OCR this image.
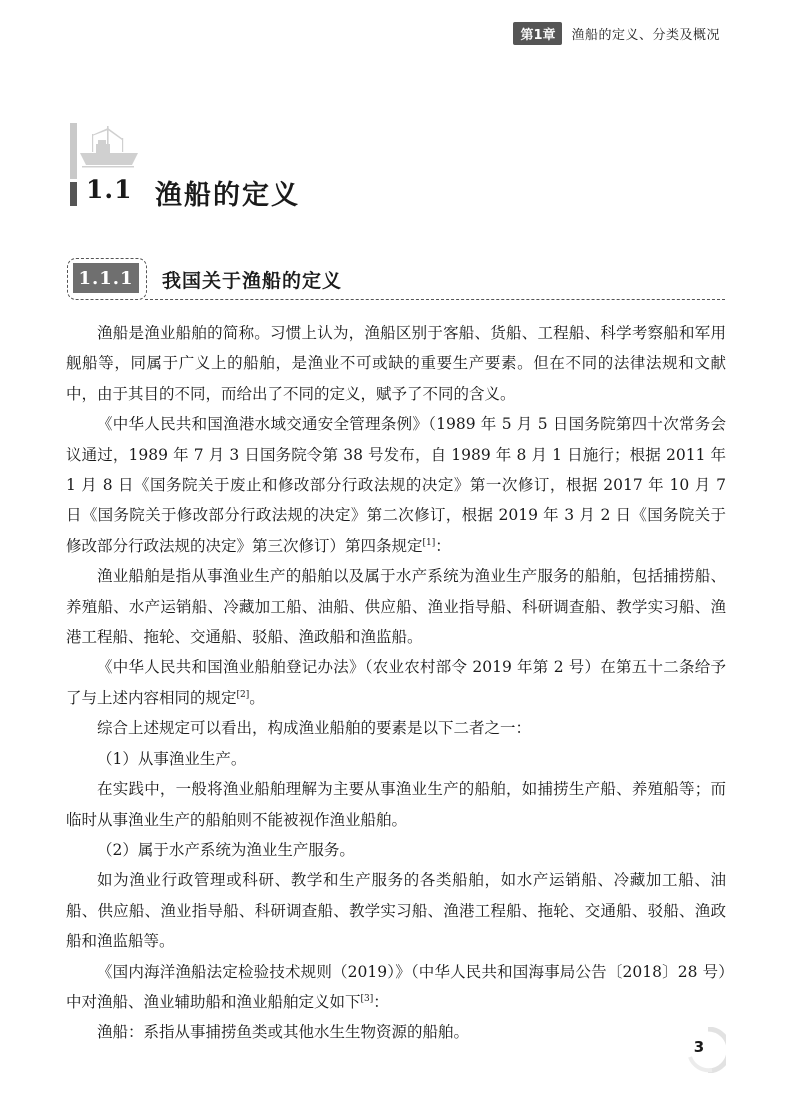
第1章	渔船的定义、分类及概况
1.1 渔船的定义
1.1.1 我国关于渔船的定义

渔船是渔业船舶的简称。习惯上认为，渔船区别于客船、货船、工程船、科学考察船和军用舰船等，同属于广义上的船舶，是渔业不可或缺的重要生产要素。但在不同的法律法规和文献中，由于其目的不同，而给出了不同的定义，赋予了不同的含义。

《中华人民共和国渔港水域交通安全管理条例》（1989 年 5 月 5 日国务院第四十次常务会议通过，1989 年 7 月 3 日国务院令第 38 号发布，自 1989 年 8 月 1 日施行；根据 2011 年 1 月 8 日《国务院关于废止和修改部分行政法规的决定》第一次修订，根据 2017 年 10 月 7 日《国务院关于修改部分行政法规的决定》第二次修订，根据 2019 年 3 月 2 日《国务院关于修改部分行政法规的决定》第三次修订）第四条规定[1]：

渔业船舶是指从事渔业生产的船舶以及属于水产系统为渔业生产服务的船舶，包括捕捞船、养殖船、水产运销船、冷藏加工船、油船、供应船、渔业指导船、科研调查船、教学实习船、渔港工程船、拖轮、交通船、驳船、渔政船和渔监船。

《中华人民共和国渔业船舶登记办法》（农业农村部令 2019 年第 2 号）在第五十二条给予了与上述内容相同的规定[2]。

综合上述规定可以看出，构成渔业船舶的要素是以下二者之一：

（1）从事渔业生产。

在实践中，一般将渔业船舶理解为主要从事渔业生产的船舶，如捕捞生产船、养殖船等；而临时从事渔业生产的船舶则不能被视作渔业船舶。

（2）属于水产系统为渔业生产服务。

如为渔业行政管理或科研、教学和生产服务的各类船舶，如水产运销船、冷藏加工船、油船、供应船、渔业指导船、科研调查船、教学实习船、渔港工程船、拖轮、交通船、驳船、渔政船和渔监船等。

《国内海洋渔船法定检验技术规则（2019）》（中华人民共和国海事局公告〔2018〕28 号）中对渔船、渔业辅助船和渔业船舶定义如下[3]：

渔船：系指从事捕捞鱼类或其他水生生物资源的船舶。

3
